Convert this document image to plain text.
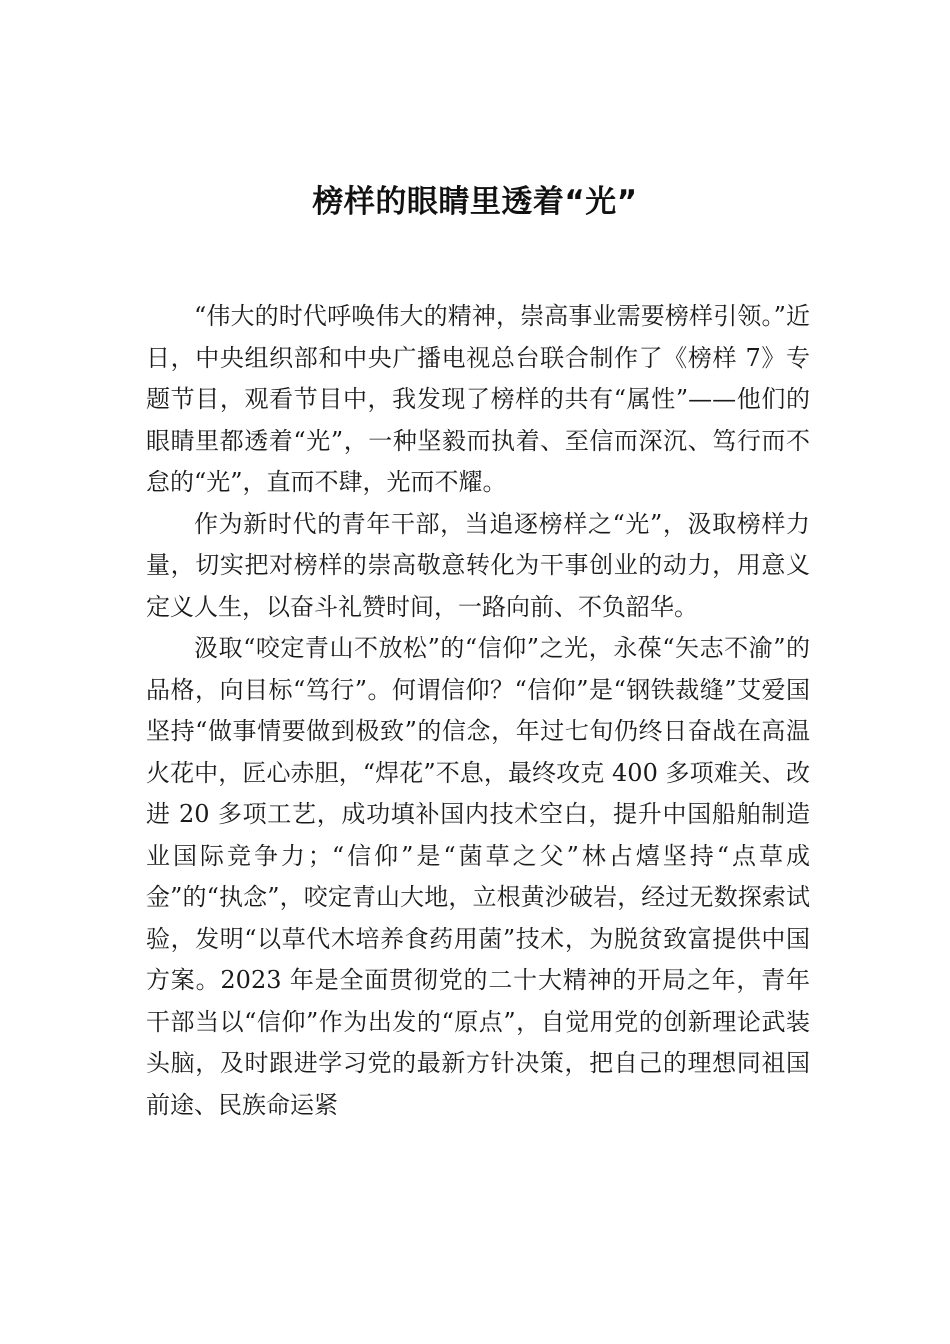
榜样的眼睛里透着“光”

“伟大的时代呼唤伟大的精神，崇高事业需要榜样引领。”近日，中央组织部和中央广播电视总台联合制作了《榜样 7》专题节目，观看节目中，我发现了榜样的共有“属性”——他们的眼睛里都透着“光”，一种坚毅而执着、至信而深沉、笃行而不怠的“光”，直而不肆，光而不耀。

作为新时代的青年干部，当追逐榜样之“光”，汲取榜样力量，切实把对榜样的崇高敬意转化为干事创业的动力，用意义定义人生，以奋斗礼赞时间，一路向前、不负韶华。

汲取“咬定青山不放松”的“信仰”之光，永葆“矢志不渝”的品格，向目标“笃行”。何谓信仰？“信仰”是“钢铁裁缝”艾爱国坚持“做事情要做到极致”的信念，年过七旬仍终日奋战在高温火花中，匠心赤胆，“焊花”不息，最终攻克 400 多项难关、改进 20 多项工艺，成功填补国内技术空白，提升中国船舶制造业国际竞争力；“信仰”是“菌草之父”林占熺坚持“点草成金”的“执念”，咬定青山大地，立根黄沙破岩，经过无数探索试验，发明“以草代木培养食药用菌”技术，为脱贫致富提供中国方案。2023 年是全面贯彻党的二十大精神的开局之年，青年干部当以“信仰”作为出发的“原点”，自觉用党的创新理论武装头脑，及时跟进学习党的最新方针决策，把自己的理想同祖国前途、民族命运紧
